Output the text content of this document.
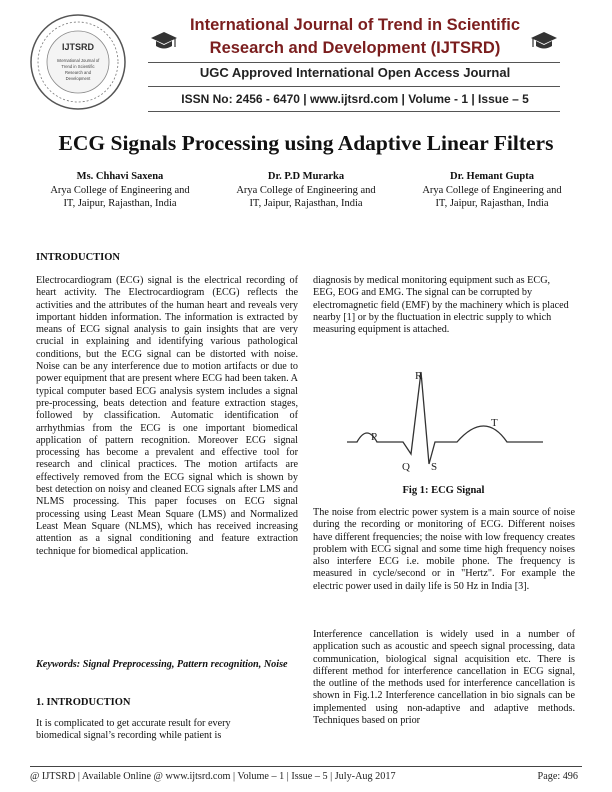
IJTSRD
International Journal of
Trend in Scientific
Research and
Development
International Journal of Trend in Scientific
Research and Development (IJTSRD)
UGC Approved International Open Access Journal
ISSN No: 2456 - 6470 | www.ijtsrd.com | Volume - 1 | Issue – 5
ECG Signals Processing using Adaptive Linear Filters
Ms. Chhavi Saxena
Arya College of Engineering and
IT, Jaipur, Rajasthan, India
Dr. P.D Murarka
Arya College of Engineering and
IT, Jaipur, Rajasthan, India
Dr. Hemant Gupta
Arya College of Engineering and
IT, Jaipur, Rajasthan, India
INTRODUCTION
Electrocardiogram (ECG) signal is the electrical recording of heart activity. The Electrocardiogram (ECG) reflects the activities and the attributes of the human heart and reveals very important hidden information. The information is extracted by means of ECG signal analysis to gain insights that are very crucial in explaining and identifying various pathological conditions, but the ECG signal can be distorted with noise. Noise can be any interference due to motion artifacts or due to power equipment that are present where ECG had been taken. A typical computer based ECG analysis system includes a signal pre-processing, beats detection and feature extraction stages, followed by classification. Automatic identification of arrhythmias from the ECG is one important biomedical application of pattern recognition. Moreover ECG signal processing has become a prevalent and effective tool for research and clinical practices. The motion artifacts are effectively removed from the ECG signal which is shown by best detection on noisy and cleaned ECG signals after LMS and NLMS processing. This paper focuses on ECG signal processing using Least Mean Square (LMS) and Normalized Least Mean Square (NLMS), which has received increasing attention as a signal conditioning and feature extraction technique for biomedical application.
Keywords: Signal Preprocessing, Pattern recognition, Noise
1. INTRODUCTION
It is complicated to get accurate result for every biomedical signal’s recording while patient is
diagnosis by medical monitoring equipment such as ECG, EEG, EOG and EMG. The signal can be corrupted by electromagnetic field (EMF) by the machinery which is placed nearby [1] or by the fluctuation in electric supply to which measuring equipment is attached.
P
R
Q S
T
Fig 1: ECG Signal
The noise from electric power system is a main source of noise during the recording or monitoring of ECG. Different noises have different frequencies; the noise with low frequency creates problem with ECG signal and some time high frequency noises also interfere ECG i.e. mobile phone. The frequency is measured in cycle/second or in "Hertz". For example the electric power used in daily life is 50 Hz in India [3].
Interference cancellation is widely used in a number of application such as acoustic and speech signal processing, data communication, biological signal acquisition etc. There is different method for interference cancellation in ECG signal, the outline of the methods used for interference cancellation is shown in Fig.1.2 Interference cancellation in bio signals can be implemented using non-adaptive and adaptive methods. Techniques based on prior
@ IJTSRD | Available Online @ www.ijtsrd.com | Volume – 1 | Issue – 5 | July-Aug 2017	Page: 496
